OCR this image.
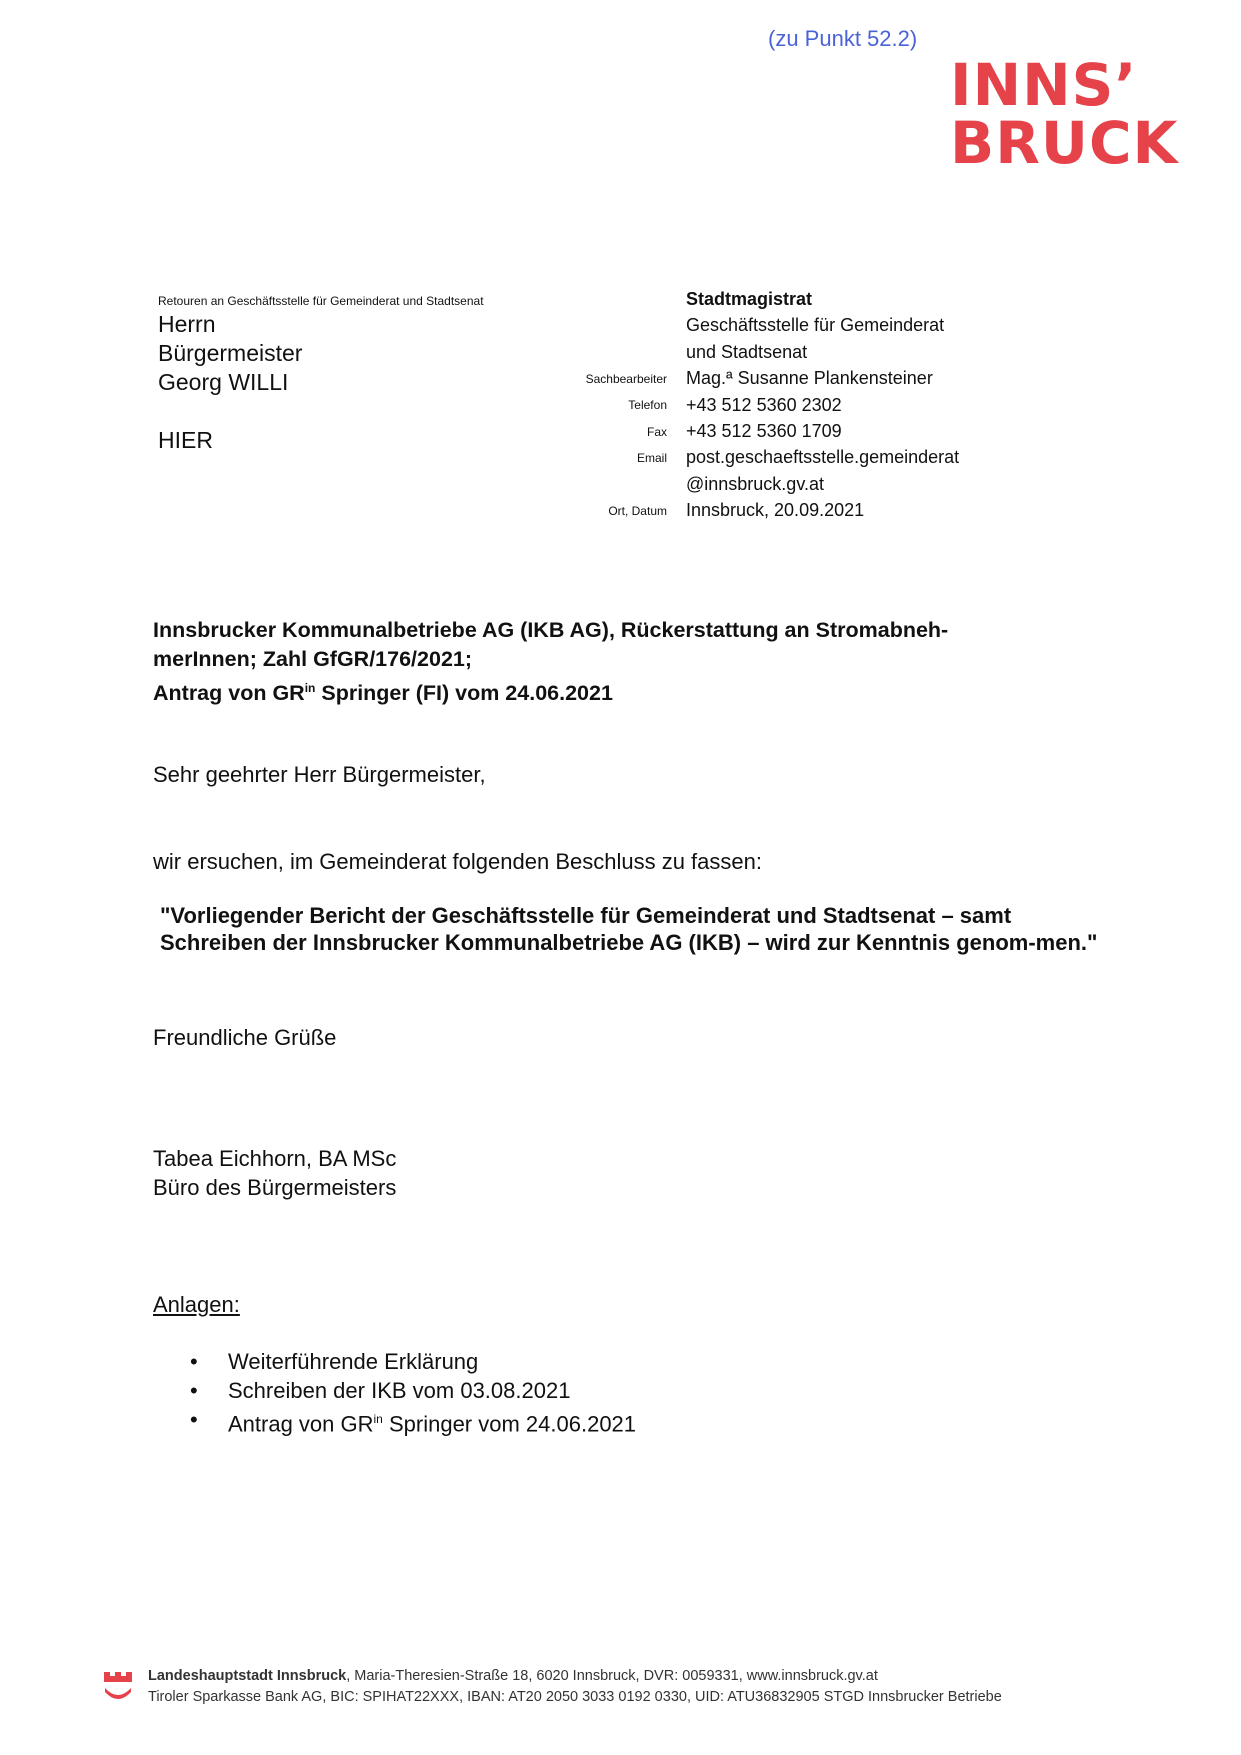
(zu Punkt 52.2)
INNS’
BRUCK
Retouren an Geschäftsstelle für Gemeinderat und Stadtsenat
Herrn
Bürgermeister
Georg WILLI
HIER
Stadtmagistrat
Geschäftsstelle für Gemeinderat
und Stadtsenat
Mag.ª Susanne Plankensteiner
+43 512 5360 2302
+43 512 5360 1709
post.geschaeftsstelle.gemeinderat
@innsbruck.gv.at
Innsbruck, 20.09.2021
Sachbearbeiter
Telefon
Fax
Email
Ort, Datum
Innsbrucker Kommunalbetriebe AG (IKB AG), Rückerstattung an Stromabneh-
merInnen; Zahl GfGR/176/2021;
Antrag von $GR^{in}$ Springer (FI) vom 24.06.2021
Sehr geehrter Herr Bürgermeister,
wir ersuchen, im Gemeinderat folgenden Beschluss zu fassen:
"Vorliegender Bericht der Geschäftsstelle für Gemeinderat und Stadtsenat – samt Schreiben der Innsbrucker Kommunalbetriebe AG (IKB) – wird zur Kenntnis genom-men."
Freundliche Grüße
Tabea Eichhorn, BA MSc
Büro des Bürgermeisters
Anlagen:
• Weiterführende Erklärung
• Schreiben der IKB vom 03.08.2021
• Antrag von $GR^{in}$ Springer vom 24.06.2021
Landeshauptstadt Innsbruck, Maria-Theresien-Straße 18, 6020 Innsbruck, DVR: 0059331, www.innsbruck.gv.at
Tiroler Sparkasse Bank AG, BIC: SPIHAT22XXX, IBAN: AT20 2050 3033 0192 0330, UID: ATU36832905 STGD Innsbrucker Betriebe
